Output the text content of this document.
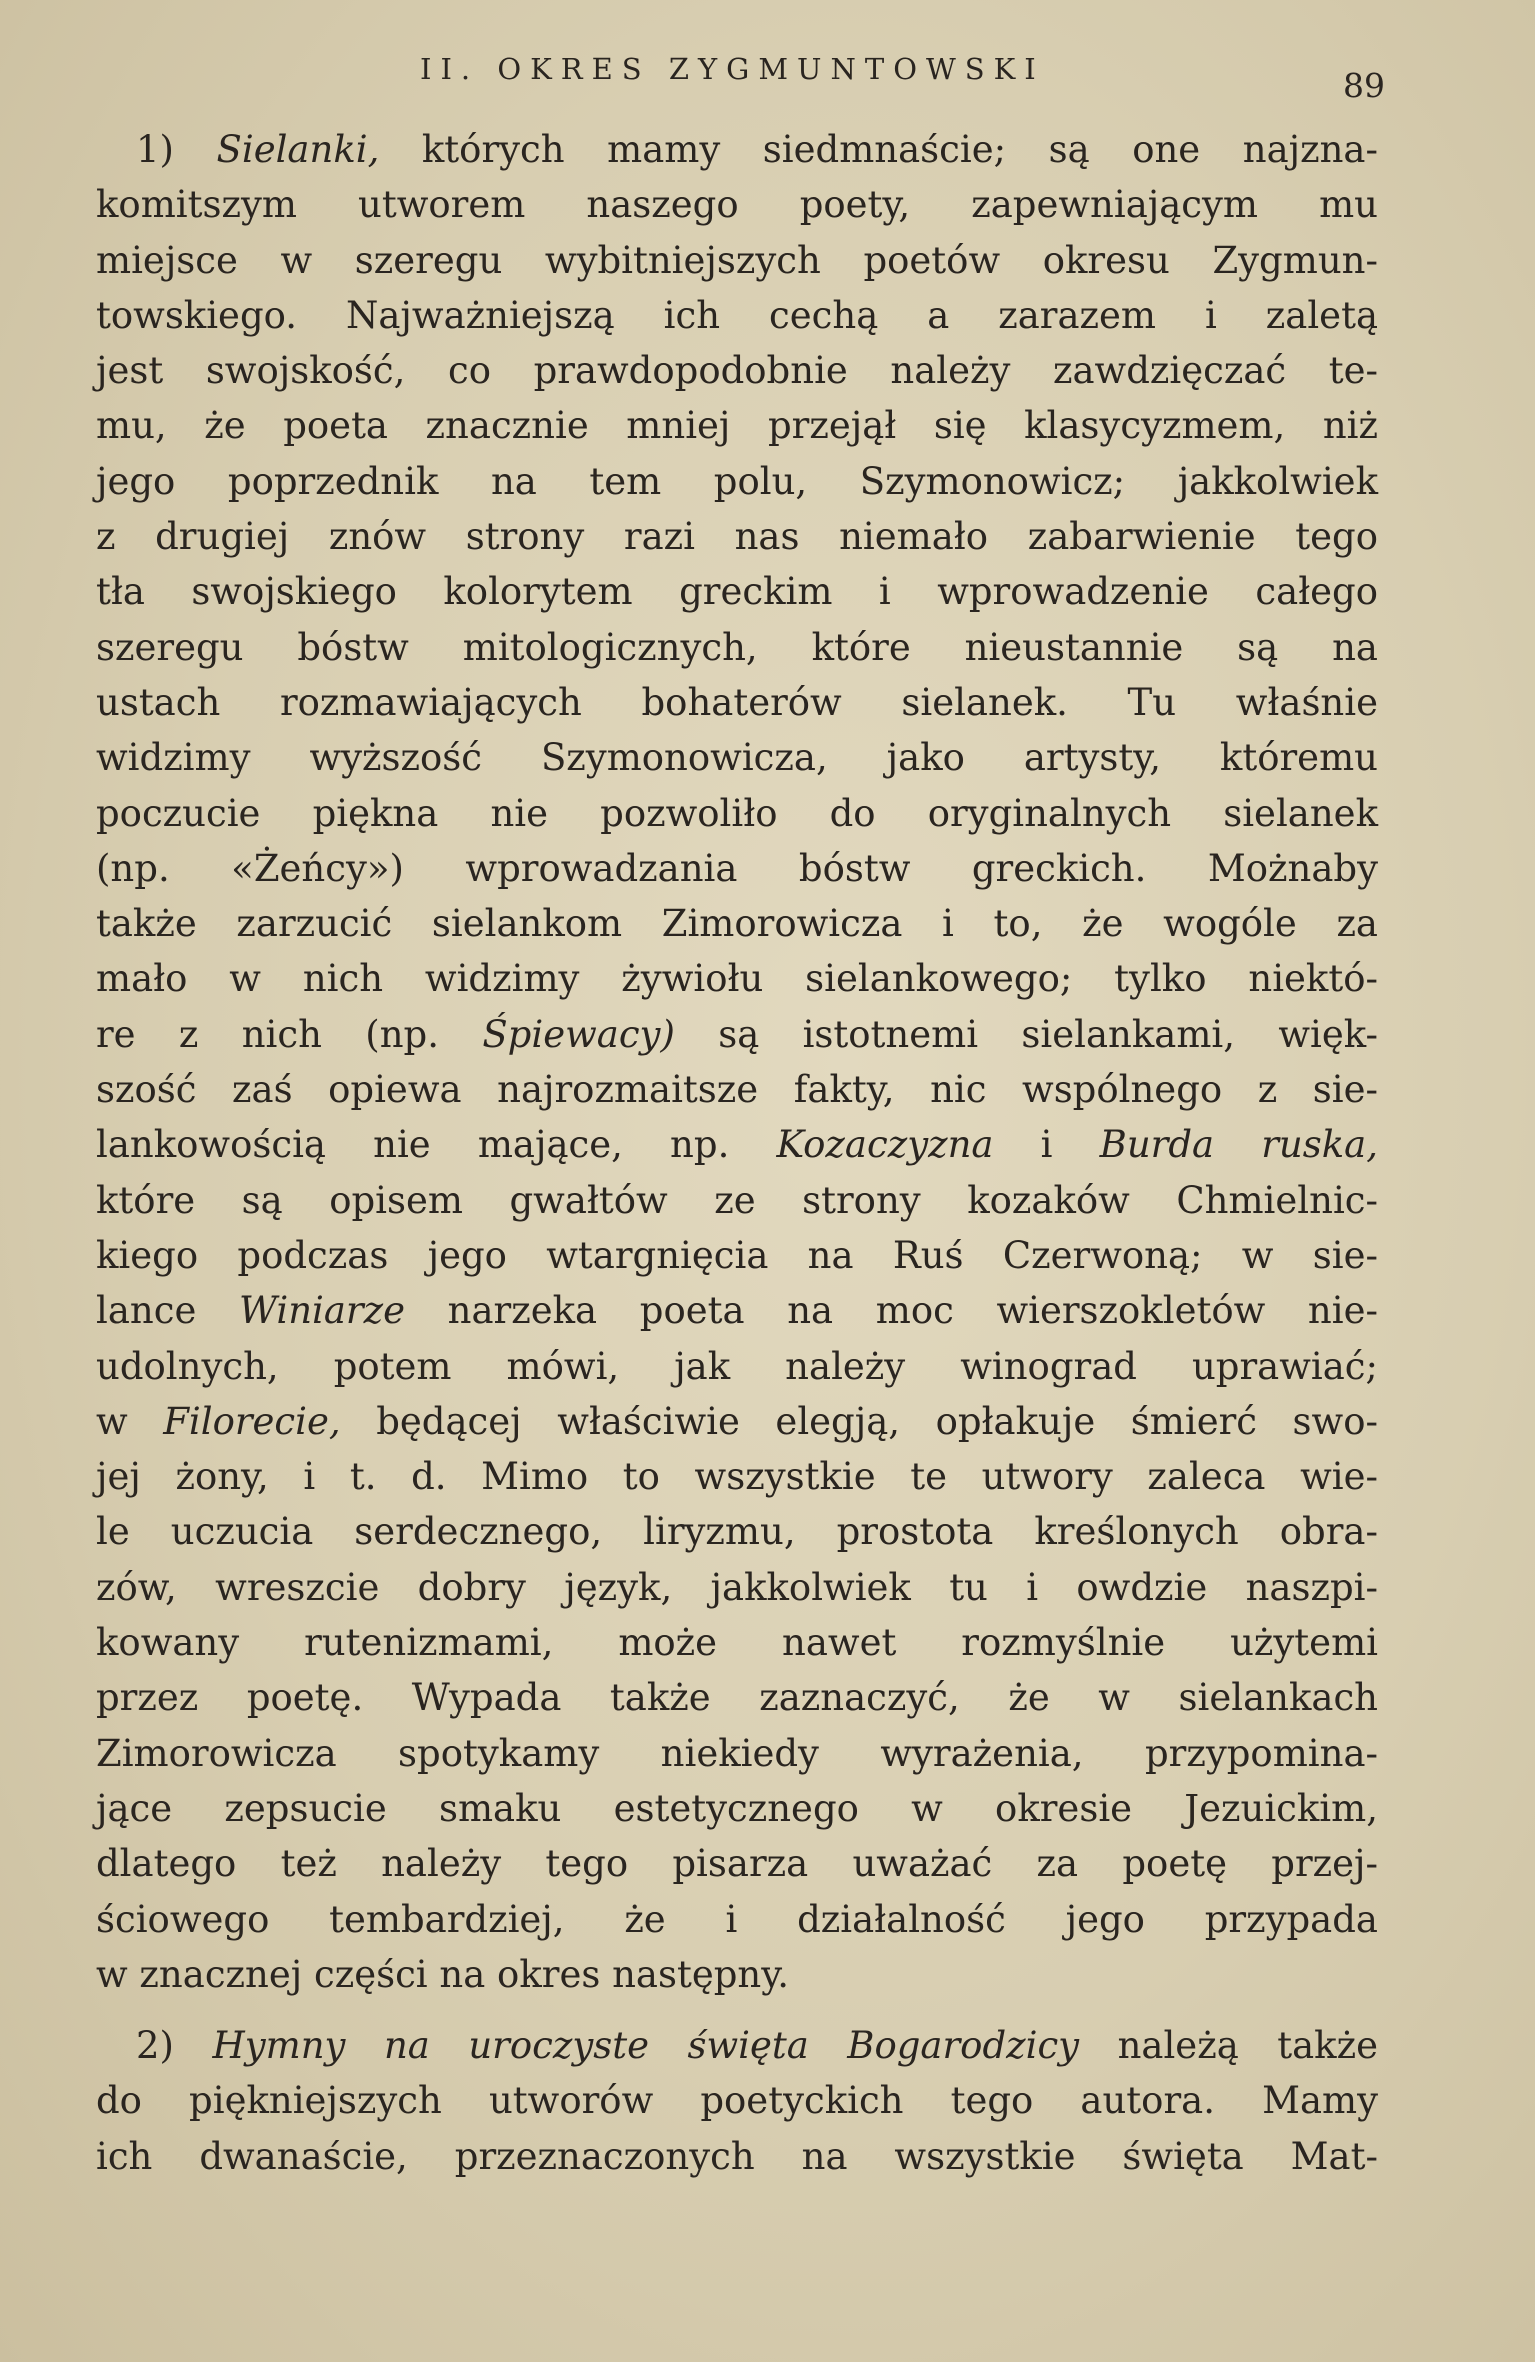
II. OKRES ZYGMUNTOWSKI	89
1) Sielanki, których mamy siedmnaście; są one najzna-
komitszym utworem naszego poety, zapewniającym mu
miejsce w szeregu wybitniejszych poetów okresu Zygmun-
towskiego. Najważniejszą ich cechą a zarazem i zaletą
jest swojskość, co prawdopodobnie należy zawdzięczać te-
mu, że poeta znacznie mniej przejął się klasycyzmem, niż
jego poprzednik na tem polu, Szymonowicz; jakkolwiek
z drugiej znów strony razi nas niemało zabarwienie tego
tła swojskiego kolorytem greckim i wprowadzenie całego
szeregu bóstw mitologicznych, które nieustannie są na
ustach rozmawiających bohaterów sielanek. Tu właśnie
widzimy wyższość Szymonowicza, jako artysty, któremu
poczucie piękna nie pozwoliło do oryginalnych sielanek
(np. «Żeńcy») wprowadzania bóstw greckich. Możnaby
także zarzucić sielankom Zimorowicza i to, że wogóle za
mało w nich widzimy żywiołu sielankowego; tylko niektó-
re z nich (np. Śpiewacy) są istotnemi sielankami, więk-
szość zaś opiewa najrozmaitsze fakty, nic wspólnego z sie-
lankowością nie mające, np. Kozaczyzna i Burda ruska,
które są opisem gwałtów ze strony kozaków Chmielnic-
kiego podczas jego wtargnięcia na Ruś Czerwoną; w sie-
lance Winiarze narzeka poeta na moc wierszokletów nie-
udolnych, potem mówi, jak należy winograd uprawiać;
w Filorecie, będącej właściwie elegją, opłakuje śmierć swo-
jej żony, i t. d. Mimo to wszystkie te utwory zaleca wie-
le uczucia serdecznego, liryzmu, prostota kreślonych obra-
zów, wreszcie dobry język, jakkolwiek tu i owdzie naszpi-
kowany rutenizmami, może nawet rozmyślnie użytemi
przez poetę. Wypada także zaznaczyć, że w sielankach
Zimorowicza spotykamy niekiedy wyrażenia, przypomina-
jące zepsucie smaku estetycznego w okresie Jezuickim,
dlatego też należy tego pisarza uważać za poetę przej-
ściowego tembardziej, że i działalność jego przypada
w znacznej części na okres następny.
2) Hymny na uroczyste święta Bogarodzicy należą także
do piękniejszych utworów poetyckich tego autora. Mamy
ich dwanaście, przeznaczonych na wszystkie święta Mat-
